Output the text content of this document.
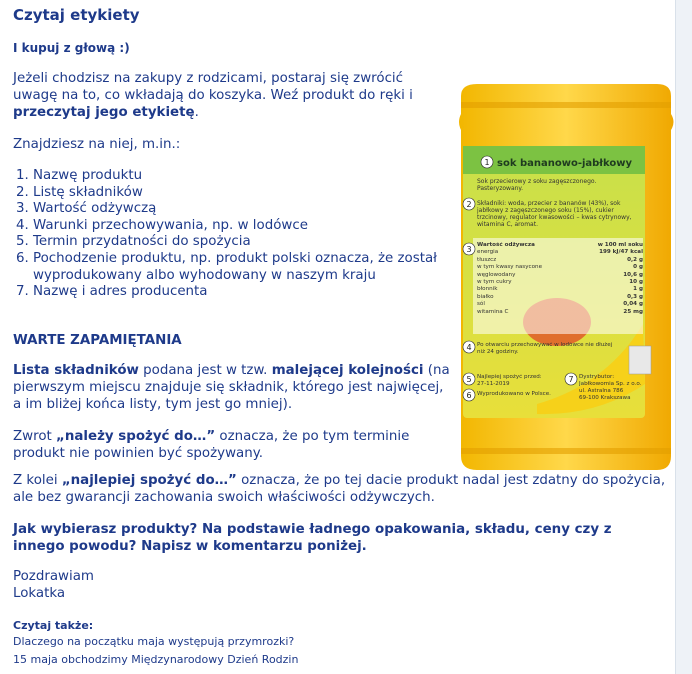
Czytaj etykiety
I kupuj z głową :)
Jeżeli chodzisz na zakupy z rodzicami, postaraj się zwrócić uwagę na to, co wkładają do koszyka. Weź produkt do ręki i przeczytaj jego etykietę.
Znajdziesz na niej, m.in.:
1. Nazwę produktu
2. Listę składników
3. Wartość odżywczą
4. Warunki przechowywania, np. w lodówce
5. Termin przydatności do spożycia
6. Pochodzenie produktu, np. produkt polski oznacza, że został wyprodukowany albo wyhodowany w naszym kraju
7. Nazwę i adres producenta
WARTE ZAPAMIĘTANIA
Lista składników podana jest w tzw. malejącej kolejności (na pierwszym miejscu znajduje się składnik, którego jest najwięcej, a im bliżej końca listy, tym jest go mniej).
Zwrot „należy spożyć do…” oznacza, że po tym terminie produkt nie powinien być spożywany.
Z kolei „najlepiej spożyć do…” oznacza, że po tej dacie produkt nadal jest zdatny do spożycia, ale bez gwarancji zachowania swoich właściwości odżywczych.
Jak wybierasz produkty? Na podstawie ładnego opakowania, składu, ceny czy z innego powodu? Napisz w komentarzu poniżej.
Pozdrawiam
Lokatka
Czytaj także:
Dlaczego na początku maja występują przymrozki?
15 maja obchodzimy Międzynarodowy Dzień Rodzin
1
2
3
4
5
6
7
sok bananowo-jabłkowy
Sok przecierowy z soku zagęszczonego. Pasteryzowany.
Składniki: woda, przecier z bananów (43%), sok jabłkowy z zagęszczonego soku (15%), cukier trzcinowy, regulator kwasowości – kwas cytrynowy, witamina C, aromat.
Wartość odżywcza	w 100 ml soku
energia	199 kJ/47 kcal
tłuszcz	0,2 g
w tym kwasy nasycone	0 g
węglowodany	10,6 g
w tym cukry	10 g
błonnik	1 g
białko	0,3 g
sól	0,04 g
witamina C	25 mg
Po otwarciu przechowywać w lodówce nie dłużej niż 24 godziny.
Najlepiej spożyć przed:
27-11-2019
Wyprodukowano w Polsce.
Dystrybutor:
Jabłkowomia Sp. z o.o.
ul. Astralna 786
69-100 Krakszawa
